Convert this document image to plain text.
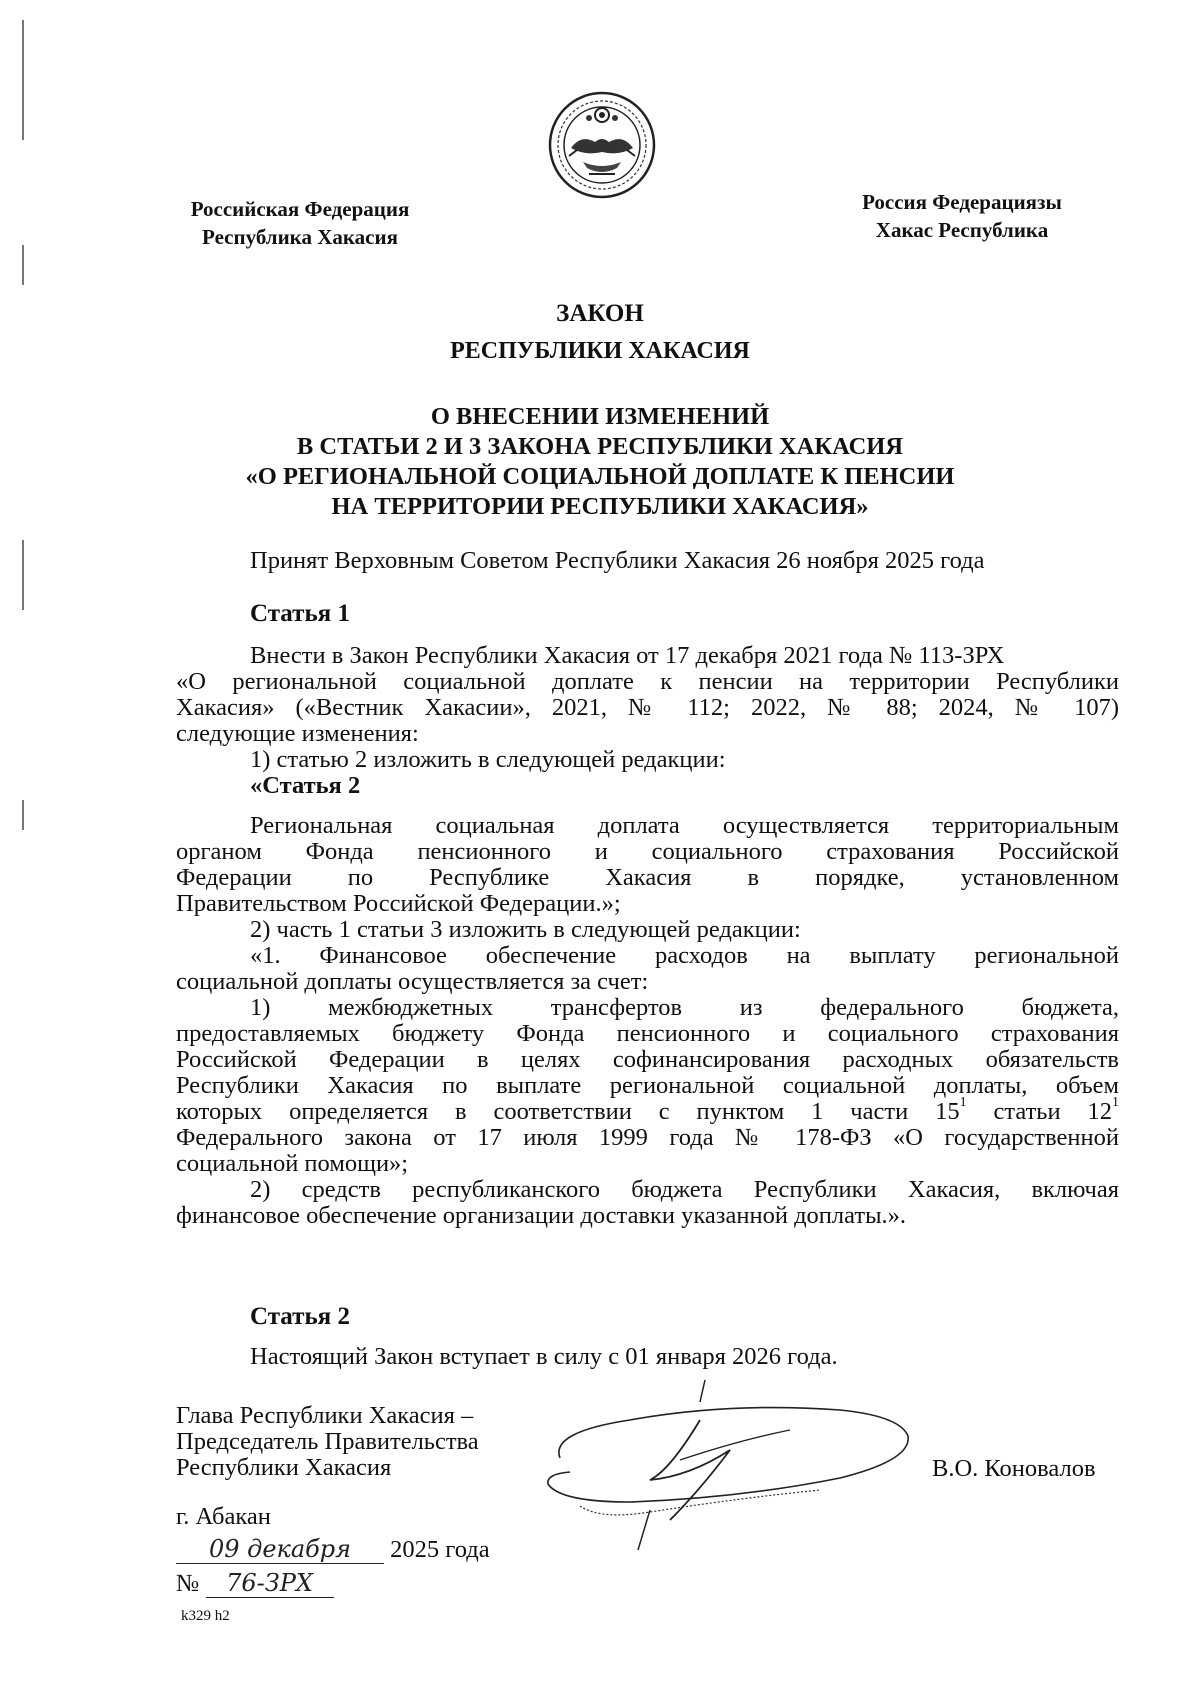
Российская Федерация
Республика Хакасия
Россия Федерациязы
Хакас Республика
ЗАКОН
РЕСПУБЛИКИ ХАКАСИЯ
О ВНЕСЕНИИ ИЗМЕНЕНИЙ
В СТАТЬИ 2 И 3 ЗАКОНА РЕСПУБЛИКИ ХАКАСИЯ
«О РЕГИОНАЛЬНОЙ СОЦИАЛЬНОЙ ДОПЛАТЕ К ПЕНСИИ
НА ТЕРРИТОРИИ РЕСПУБЛИКИ ХАКАСИЯ»
Принят Верховным Советом Республики Хакасия 26 ноября 2025 года
Статья 1
Внести в Закон Республики Хакасия от 17 декабря 2021 года № 113-ЗРХ
«О региональной социальной доплате к пенсии на территории Республики
Хакасия» («Вестник Хакасии», 2021, № 112; 2022, № 88; 2024, № 107)
следующие изменения:
1) статью 2 изложить в следующей редакции:
«Статья 2
Региональная социальная доплата осуществляется территориальным
органом Фонда пенсионного и социального страхования Российской
Федерации по Республике Хакасия в порядке, установленном
Правительством Российской Федерации.»;
2) часть 1 статьи 3 изложить в следующей редакции:
«1. Финансовое обеспечение расходов на выплату региональной
социальной доплаты осуществляется за счет:
1) межбюджетных трансфертов из федерального бюджета,
предоставляемых бюджету Фонда пенсионного и социального страхования
Российской Федерации в целях софинансирования расходных обязательств
Республики Хакасия по выплате региональной социальной доплаты, объем
которых определяется в соответствии с пунктом 1 части $15^1$ статьи $12^1$
Федерального закона от 17 июля 1999 года № 178-ФЗ «О государственной
социальной помощи»;
2) средств республиканского бюджета Республики Хакасия, включая
финансовое обеспечение организации доставки указанной доплаты.».
Статья 2
Настоящий Закон вступает в силу с 01 января 2026 года.
Глава Республики Хакасия –
Председатель Правительства
Республики Хакасия	В.О. Коновалов
г. Абакан
09 декабря 2025 года
№ 76-ЗРХ
k329 h2
